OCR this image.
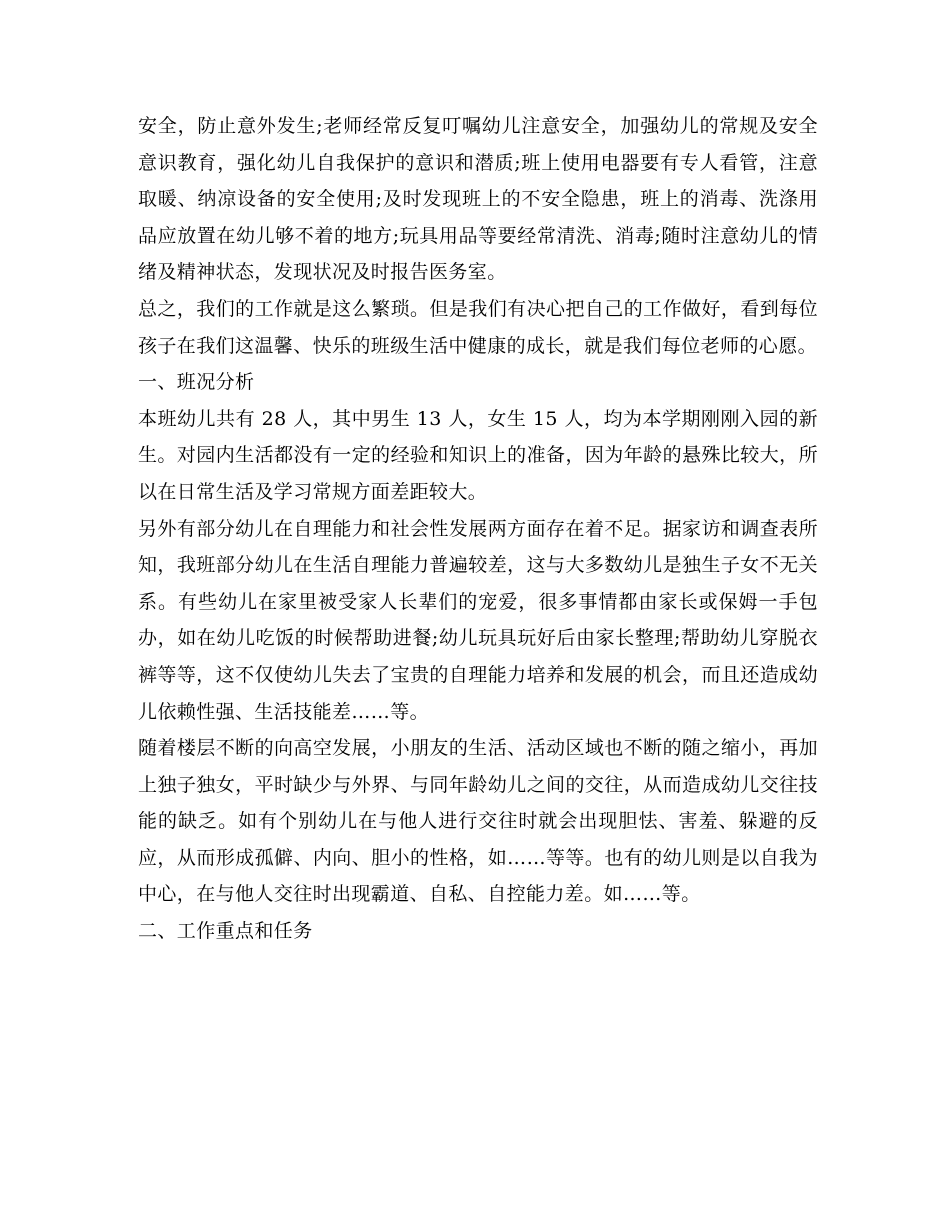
安全，防止意外发生;老师经常反复叮嘱幼儿注意安全，加强幼儿的常规及安全意识教育，强化幼儿自我保护的意识和潜质;班上使用电器要有专人看管，注意取暖、纳凉设备的安全使用;及时发现班上的不安全隐患，班上的消毒、洗涤用品应放置在幼儿够不着的地方;玩具用品等要经常清洗、消毒;随时注意幼儿的情绪及精神状态，发现状况及时报告医务室。

总之，我们的工作就是这么繁琐。但是我们有决心把自己的工作做好，看到每位孩子在我们这温馨、快乐的班级生活中健康的成长，就是我们每位老师的心愿。

一、班况分析

本班幼儿共有 28 人，其中男生 13 人，女生 15 人，均为本学期刚刚入园的新生。对园内生活都没有一定的经验和知识上的准备，因为年龄的悬殊比较大，所以在日常生活及学习常规方面差距较大。

另外有部分幼儿在自理能力和社会性发展两方面存在着不足。据家访和调查表所知，我班部分幼儿在生活自理能力普遍较差，这与大多数幼儿是独生子女不无关系。有些幼儿在家里被受家人长辈们的宠爱，很多事情都由家长或保姆一手包办，如在幼儿吃饭的时候帮助进餐;幼儿玩具玩好后由家长整理;帮助幼儿穿脱衣裤等等，这不仅使幼儿失去了宝贵的自理能力培养和发展的机会，而且还造成幼儿依赖性强、生活技能差……等。

随着楼层不断的向高空发展，小朋友的生活、活动区域也不断的随之缩小，再加上独子独女，平时缺少与外界、与同年龄幼儿之间的交往，从而造成幼儿交往技能的缺乏。如有个别幼儿在与他人进行交往时就会出现胆怯、害羞、躲避的反应，从而形成孤僻、内向、胆小的性格，如……等等。也有的幼儿则是以自我为中心，在与他人交往时出现霸道、自私、自控能力差。如……等。

二、工作重点和任务
